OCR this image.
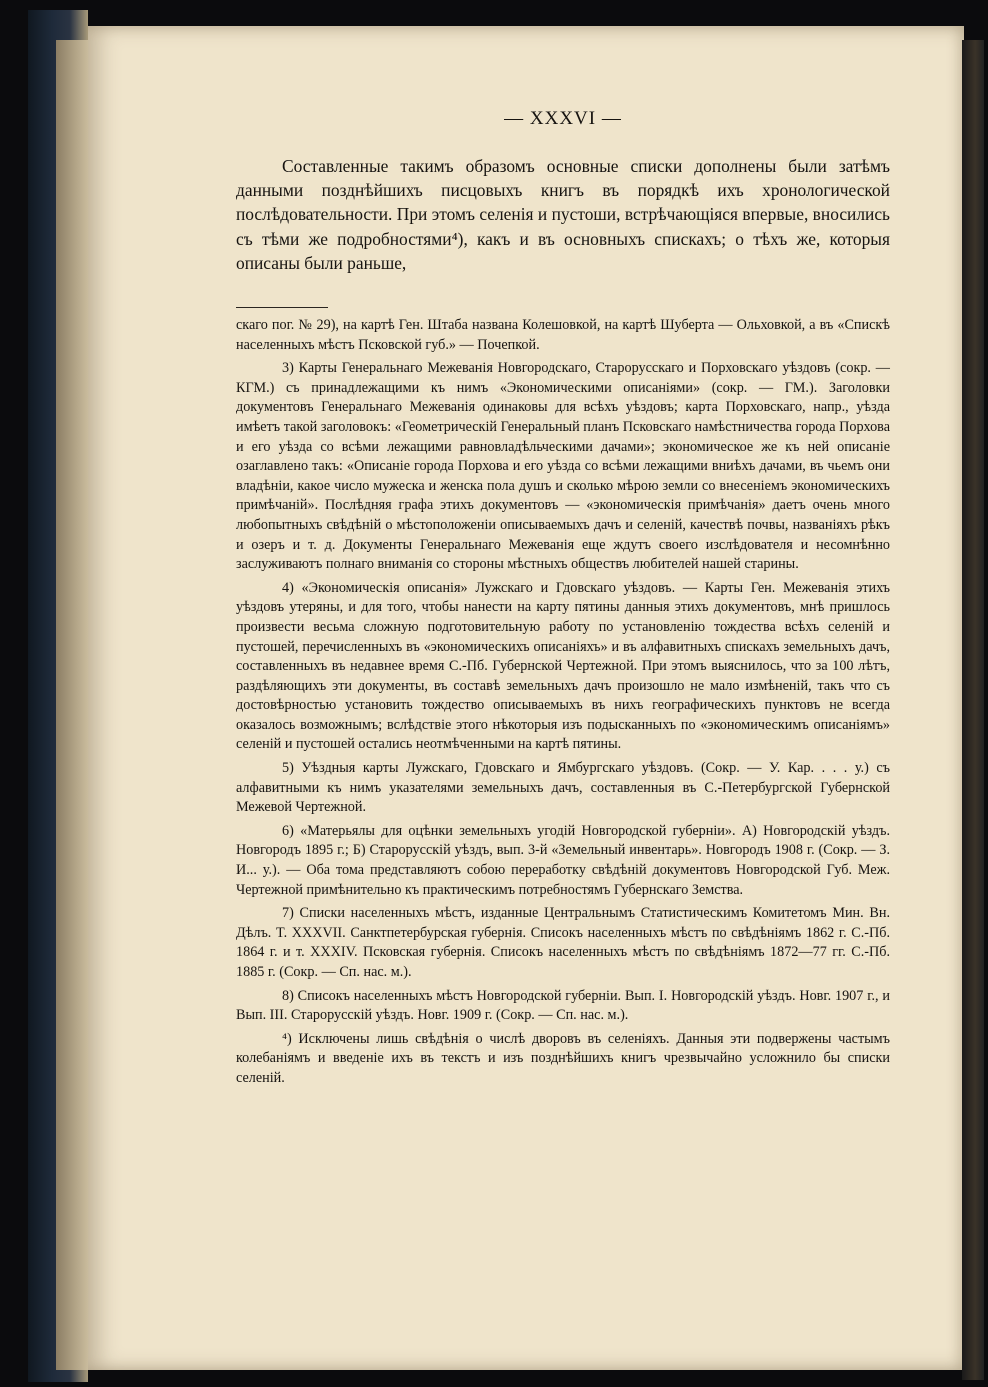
— XXXVI —

Составленные такимъ образомъ основные списки дополнены были затѣмъ данными позднѣйшихъ писцовыхъ книгъ въ порядкѣ ихъ хронологической послѣдовательности. При этомъ селенія и пустоши, встрѣчающіяся впервые, вносились съ тѣми же подробностями⁴), какъ и въ основныхъ спискахъ; о тѣхъ же, которыя описаны были раньше,

скаго пог. № 29), на картѣ Ген. Штаба названа Колешовкой, на картѣ Шуберта — Ольховкой, а въ «Спискѣ населенныхъ мѣстъ Псковской губ.» — Почепкой.

3) Карты Генеральнаго Межеванія Новгородскаго, Старорусскаго и Порховскаго уѣздовъ (сокр. — КГМ.) съ принадлежащими къ нимъ «Экономическими описаніями» (сокр. — ГМ.). Заголовки документовъ Генеральнаго Межеванія одинаковы для всѣхъ уѣздовъ; карта Порховскаго, напр., уѣзда имѣетъ такой заголовокъ: «Геометрическій Генеральный планъ Псковскаго намѣстничества города Порхова и его уѣзда со всѣми лежащими равновладѣльческими дачами»; экономическое же къ ней описаніе озаглавлено такъ: «Описаніе города Порхова и его уѣзда со всѣми лежащими вниѣхъ дачами, въ чьемъ они владѣніи, какое число мужеска и женска пола душъ и сколько мѣрою земли со внесеніемъ экономическихъ примѣчаній». Послѣдняя графа этихъ документовъ — «экономическія примѣчанія» даетъ очень много любопытныхъ свѣдѣній о мѣстоположеніи описываемыхъ дачъ и селеній, качествѣ почвы, названіяхъ рѣкъ и озеръ и т. д. Документы Генеральнаго Межеванія еще ждутъ своего изслѣдователя и несомнѣнно заслуживаютъ полнаго вниманія со стороны мѣстныхъ обществъ любителей нашей старины.

4) «Экономическія описанія» Лужскаго и Гдовскаго уѣздовъ. — Карты Ген. Межеванія этихъ уѣздовъ утеряны, и для того, чтобы нанести на карту пятины данныя этихъ документовъ, мнѣ пришлось произвести весьма сложную подготовительную работу по установленію тождества всѣхъ селеній и пустошей, перечисленныхъ въ «экономическихъ описаніяхъ» и въ алфавитныхъ спискахъ земельныхъ дачъ, составленныхъ въ недавнее время С.-Пб. Губернской Чертежной. При этомъ выяснилось, что за 100 лѣтъ, раздѣляющихъ эти документы, въ составѣ земельныхъ дачъ произошло не мало измѣненій, такъ что съ достовѣрностью установить тождество описываемыхъ въ нихъ географическихъ пунктовъ не всегда оказалось возможнымъ; вслѣдствіе этого нѣкоторыя изъ подысканныхъ по «экономическимъ описаніямъ» селеній и пустошей остались неотмѣченными на картѣ пятины.

5) Уѣздныя карты Лужскаго, Гдовскаго и Ямбургскаго уѣздовъ. (Сокр. — У. Кар. . . . у.) съ алфавитными къ нимъ указателями земельныхъ дачъ, составленныя въ С.-Петербургской Губернской Межевой Чертежной.

6) «Матерьялы для оцѣнки земельныхъ угодій Новгородской губерніи». А) Новгородскій уѣздъ. Новгородъ 1895 г.; Б) Старорусскій уѣздъ, вып. 3-й «Земельный инвентарь». Новгородъ 1908 г. (Сокр. — З. И... у.). — Оба тома представляютъ собою переработку свѣдѣній документовъ Новгородской Губ. Меж. Чертежной примѣнительно къ практическимъ потребностямъ Губернскаго Земства.

7) Списки населенныхъ мѣстъ, изданные Центральнымъ Статистическимъ Комитетомъ Мин. Вн. Дѣлъ. T. XXXVII. Санктпетербурская губернія. Списокъ населенныхъ мѣстъ по свѣдѣніямъ 1862 г. С.-Пб. 1864 г. и т. XXXIV. Псковская губернія. Списокъ населенныхъ мѣстъ по свѣдѣніямъ 1872—77 гг. С.-Пб. 1885 г. (Сокр. — Сп. нас. м.).

8) Списокъ населенныхъ мѣстъ Новгородской губерніи. Вып. I. Новгородскій уѣздъ. Новг. 1907 г., и Вып. III. Старорусскій уѣздъ. Новг. 1909 г. (Сокр. — Сп. нас. м.).

⁴) Исключены лишь свѣдѣнія о числѣ дворовъ въ селеніяхъ. Данныя эти подвержены частымъ колебаніямъ и введеніе ихъ въ текстъ и изъ позднѣйшихъ книгъ чрезвычайно усложнило бы списки селеній.
